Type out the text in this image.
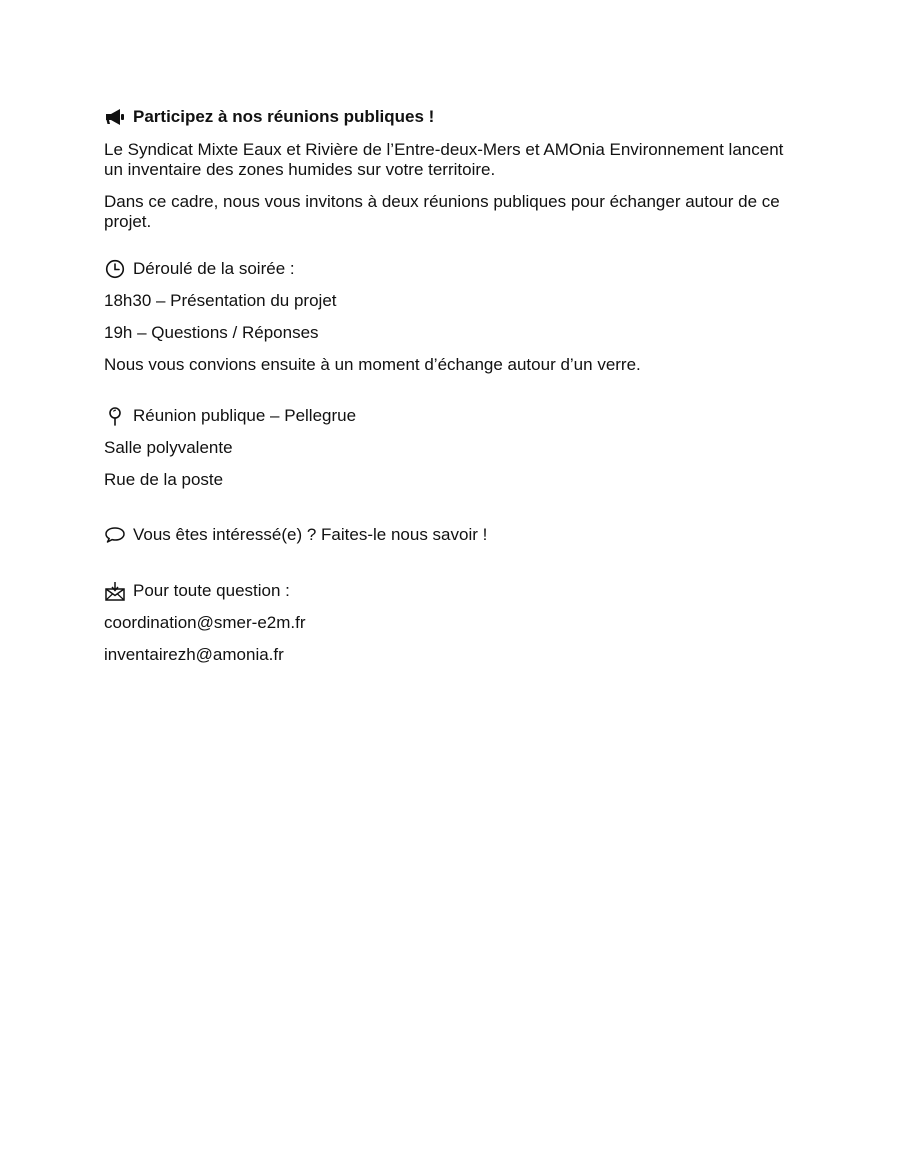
Participez à nos réunions publiques !

Le Syndicat Mixte Eaux et Rivière de l’Entre-deux-Mers et AMOnia Environnement lancent un inventaire des zones humides sur votre territoire.

Dans ce cadre, nous vous invitons à deux réunions publiques pour échanger autour de ce projet.

Déroulé de la soirée :

18h30 – Présentation du projet

19h – Questions / Réponses

Nous vous convions ensuite à un moment d’échange autour d’un verre.

Réunion publique – Pellegrue

Salle polyvalente

Rue de la poste

Vous êtes intéressé(e) ? Faites-le nous savoir !
Pour toute question :

coordination@smer-e2m.fr

inventairezh@amonia.fr
